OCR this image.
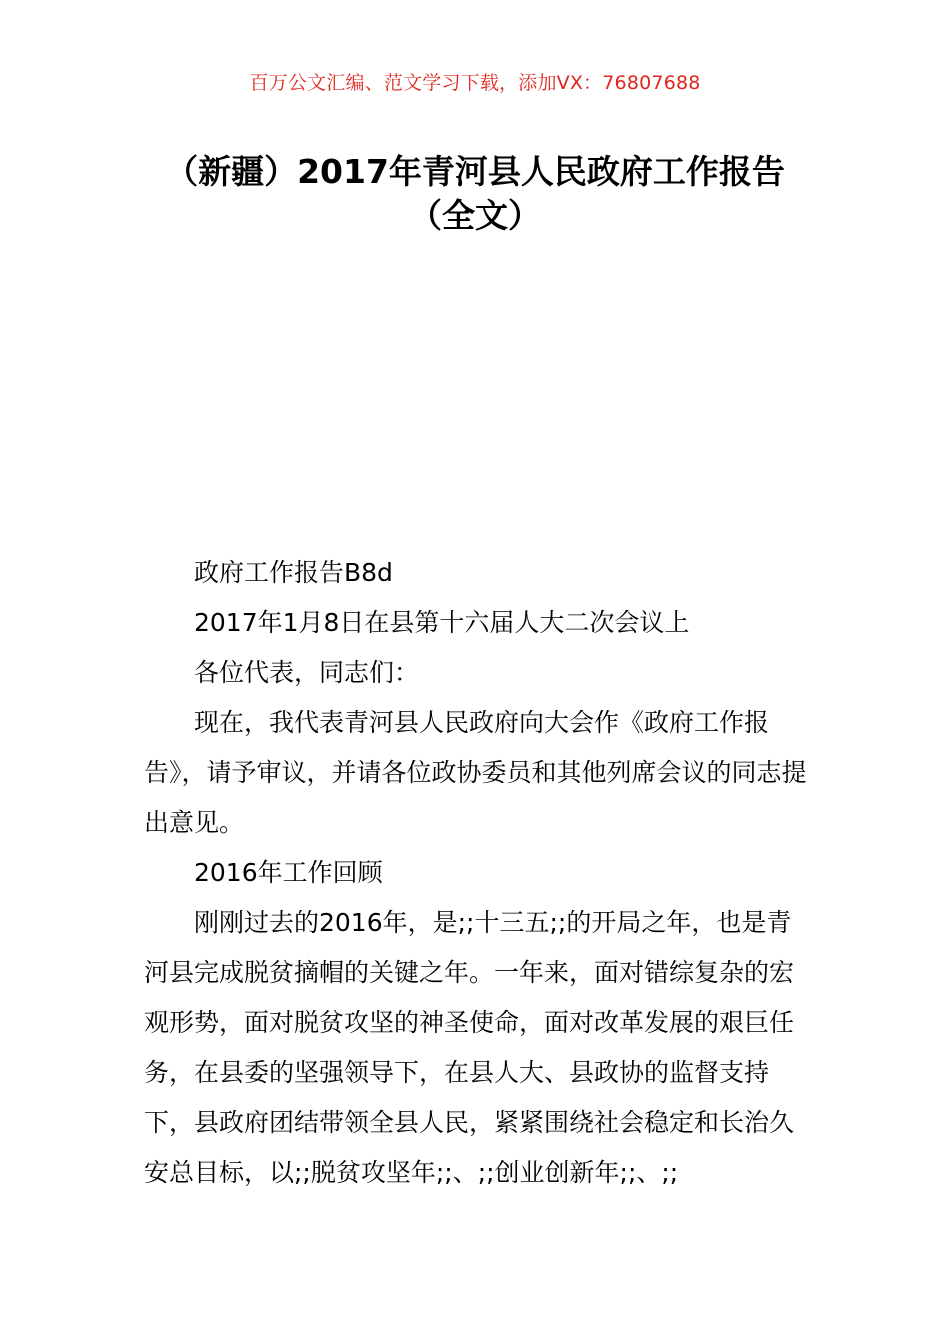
百万公文汇编、范文学习下载，添加VX：76807688
（新疆）2017年青河县人民政府工作报告
（全文）

政府工作报告B8d

2017年1月8日在县第十六届人大二次会议上

各位代表，同志们：

现在，我代表青河县人民政府向大会作《政府工作报告》，请予审议，并请各位政协委员和其他列席会议的同志提出意见。

2016年工作回顾

刚刚过去的2016年，是;;十三五;;的开局之年，也是青河县完成脱贫摘帽的关键之年。一年来，面对错综复杂的宏观形势，面对脱贫攻坚的神圣使命，面对改革发展的艰巨任务，在县委的坚强领导下，在县人大、县政协的监督支持下，县政府团结带领全县人民，紧紧围绕社会稳定和长治久安总目标，以;;脱贫攻坚年;;、;;创业创新年;;、;;
